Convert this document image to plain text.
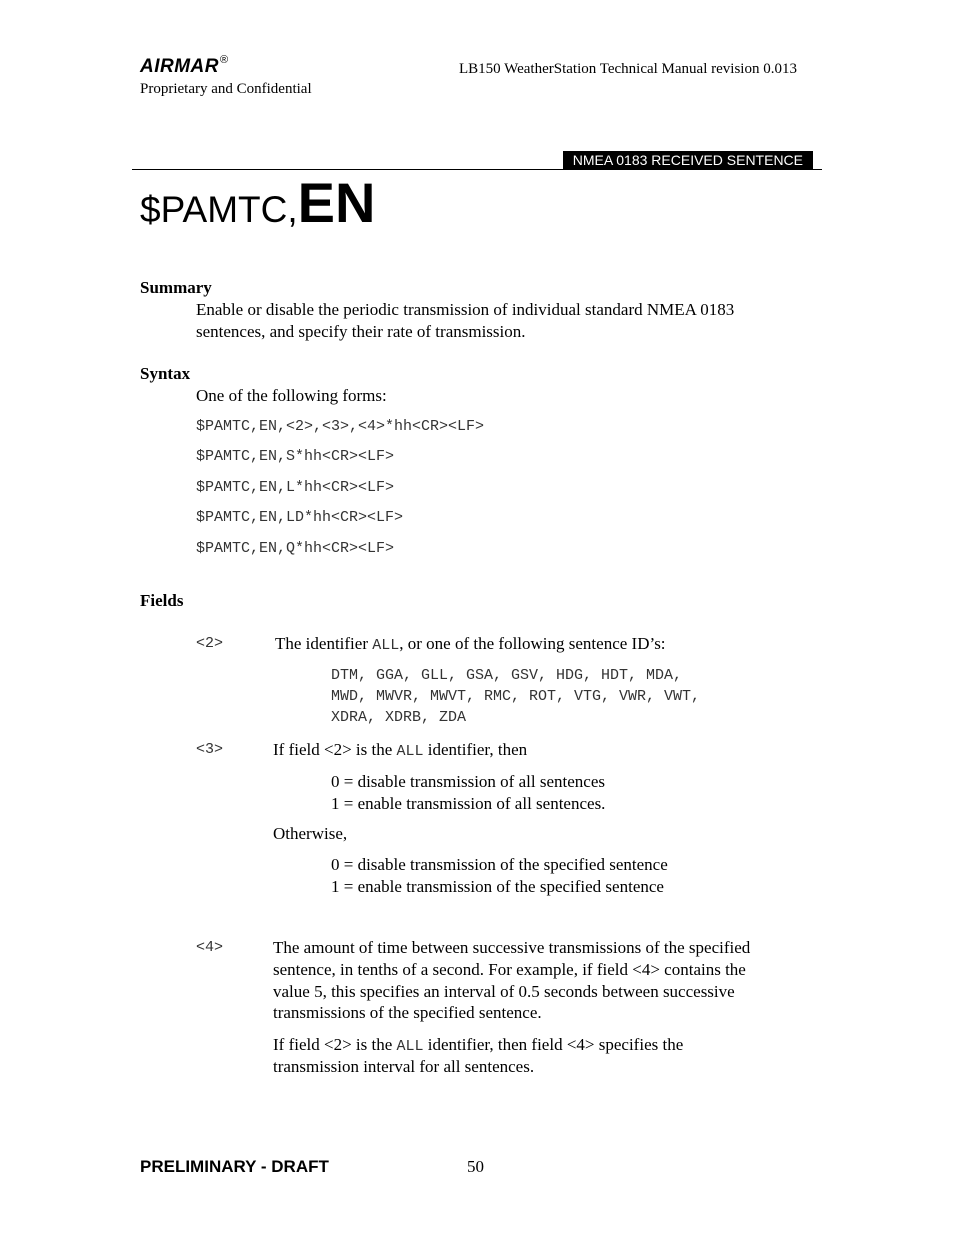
AIRMAR®
Proprietary and Confidential
LB150 WeatherStation Technical Manual revision 0.013
NMEA 0183 RECEIVED SENTENCE
$PAMTC,EN
Summary
Enable or disable the periodic transmission of individual standard NMEA 0183
sentences, and specify their rate of transmission.
Syntax
One of the following forms:
$PAMTC,EN,<2>,<3>,<4>*hh<CR><LF>
$PAMTC,EN,S*hh<CR><LF>
$PAMTC,EN,L*hh<CR><LF>
$PAMTC,EN,LD*hh<CR><LF>
$PAMTC,EN,Q*hh<CR><LF>
Fields
<2>	The identifier ALL, or one of the following sentence ID’s:
DTM, GGA, GLL, GSA, GSV, HDG, HDT, MDA,
MWD, MWVR, MWVT, RMC, ROT, VTG, VWR, VWT,
XDRA, XDRB, ZDA
<3>	If field <2> is the ALL identifier, then
0 = disable transmission of all sentences
1 = enable transmission of all sentences.
Otherwise,
0 = disable transmission of the specified sentence
1 = enable transmission of the specified sentence
<4>	The amount of time between successive transmissions of the specified
sentence, in tenths of a second. For example, if field <4> contains the
value 5, this specifies an interval of 0.5 seconds between successive
transmissions of the specified sentence.
If field <2> is the ALL identifier, then field <4> specifies the
transmission interval for all sentences.
PRELIMINARY - DRAFT	50
